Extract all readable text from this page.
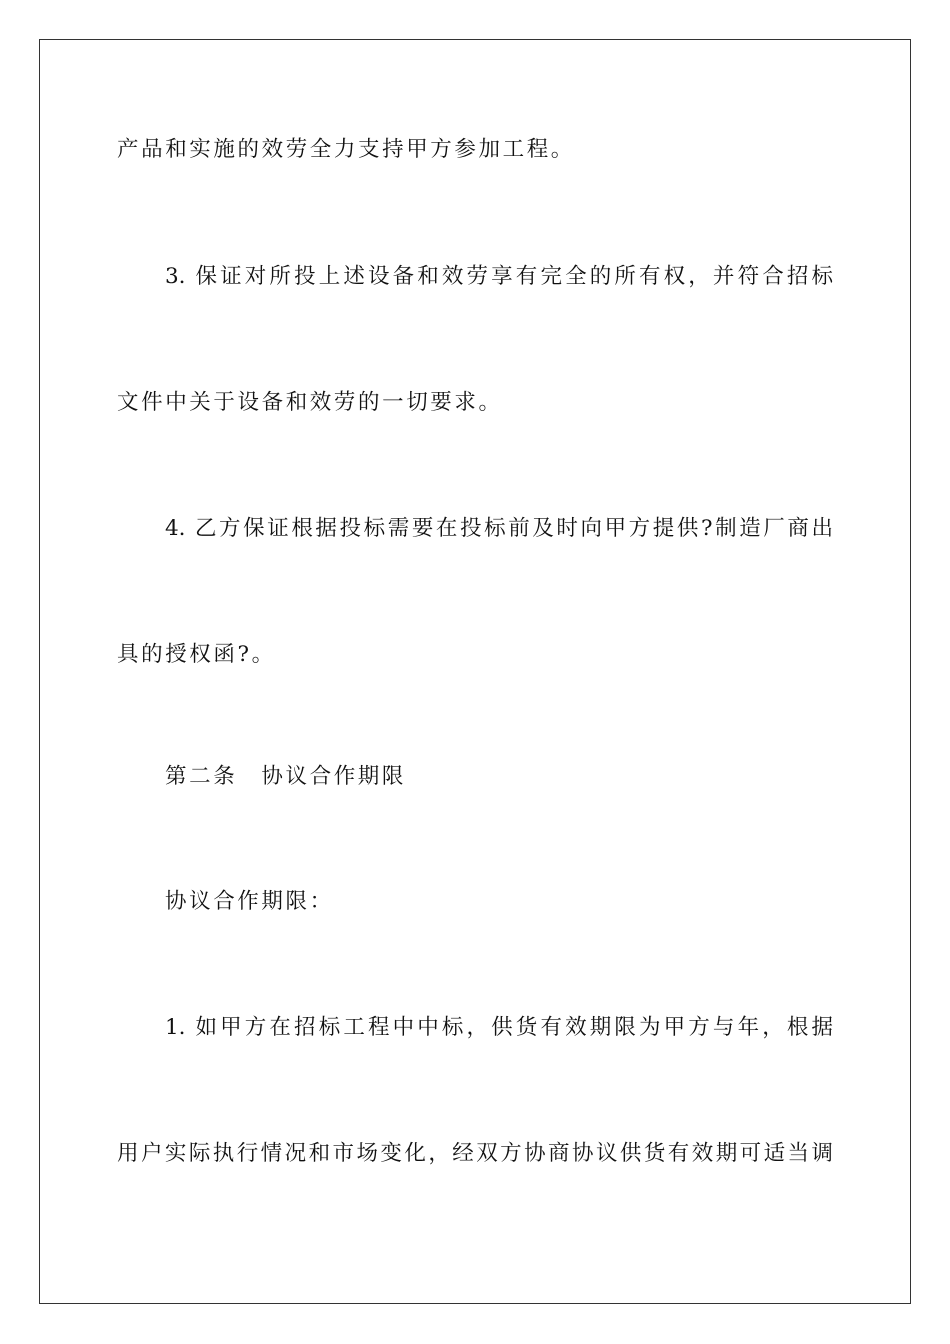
产品和实施的效劳全力支持甲方参加工程。
3. 保证对所投上述设备和效劳享有完全的所有权，并符合招标
文件中关于设备和效劳的一切要求。
4. 乙方保证根据投标需要在投标前及时向甲方提供?制造厂商出
具的授权函?。
第二条　协议合作期限
协议合作期限：
1. 如甲方在招标工程中中标，供货有效期限为甲方与年，根据
用户实际执行情况和市场变化，经双方协商协议供货有效期可适当调
